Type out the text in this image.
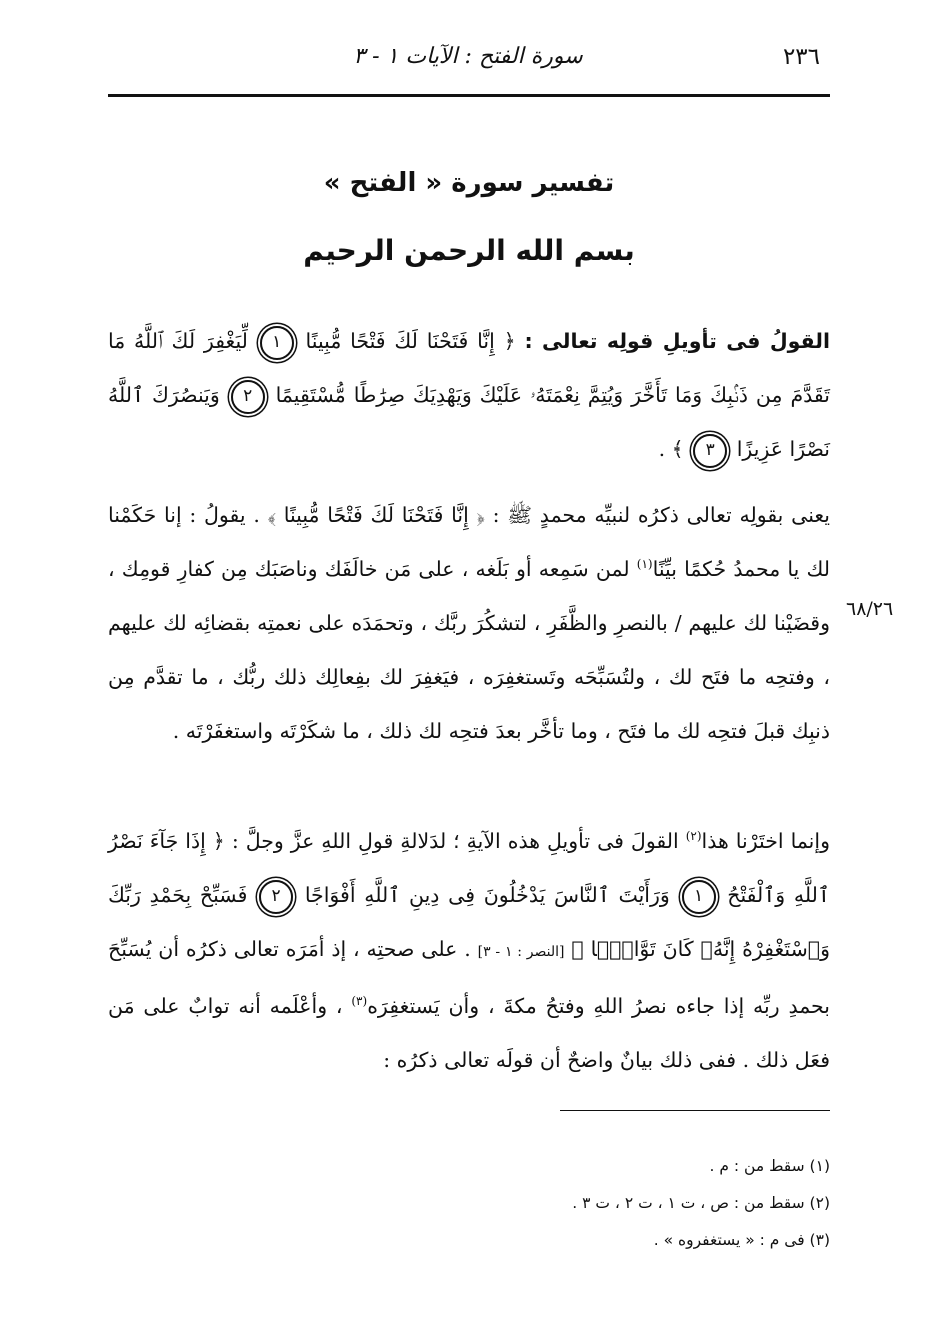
٢٣٦
سورة الفتح : الآيات ١ - ٣
تفسير سورة « الفتح »
بسم الله الرحمن الرحيم
القولُ فى تأويلِ قولِه تعالى : ﴿ إِنَّا فَتَحْنَا لَكَ فَتْحًا مُّبِينًا ١ لِّيَغْفِرَ لَكَ ٱللَّهُ مَا تَقَدَّمَ مِن ذَنۢبِكَ وَمَا تَأَخَّرَ وَيُتِمَّ نِعْمَتَهُۥ عَلَيْكَ وَيَهْدِيَكَ صِرَٰطًا مُّسْتَقِيمًا ٢ وَيَنصُرَكَ ٱللَّهُ نَصْرًا عَزِيزًا ٣ ﴾ .
يعنى بقولِه تعالى ذكرُه لنبيِّه محمدٍ ﷺ : ﴿ إِنَّا فَتَحْنَا لَكَ فَتْحًا مُّبِينًا ﴾ . يقولُ : إنا حَكَمْنا لك يا محمدُ حُكمًا بيِّنًا$^{(١)}$ لمن سَمِعه أو بَلَغه ، على مَن خالَفَك وناصَبَك مِن كفارِ قومِك ، وقضَيْنا لك عليهم / بالنصرِ والظَّفَرِ ، لتشكُرَ ربَّك ، وتحمَدَه على نعمتِه بقضائِه لك عليهم ، وفتحِه ما فتَح لك ، ولتُسَبِّحَه وتَستغفِرَه ، فيَغفِرَ لك بفِعالِك ذلك ربُّك ، ما تقدَّم مِن ذنبِك قبلَ فتحِه لك ما فتَح ، وما تأخَّر بعدَ فتحِه لك ذلك ، ما شكَرْتَه واستغفَرْتَه .
٦٨/٢٦
وإنما اختَرْنا هذا$^{(٢)}$ القولَ فى تأويلِ هذه الآيةِ ؛ لدَلالةِ قولِ اللهِ عزَّ وجلَّ : ﴿ إِذَا جَآءَ نَصْرُ ٱللَّهِ وَٱلْفَتْحُ ١ وَرَأَيْتَ ٱلنَّاسَ يَدْخُلُونَ فِى دِينِ ٱللَّهِ أَفْوَاجًا ٢ فَسَبِّحْ بِحَمْدِ رَبِّكَ وَٱسْتَغْفِرْهُ إِنَّهُۥ كَانَ تَوَّابًۢا ﴾ [النصر : ١ - ٣] . على صحتِه ، إذ أمَرَه تعالى ذكرُه أن يُسَبِّحَ بحمدِ ربِّه إذا جاءه نصرُ اللهِ وفتحُ مكةَ ، وأن يَستغفِرَه$^{(٣)}$ ، وأعْلَمه أنه توابٌ على مَن فعَل ذلك . ففى ذلك بيانٌ واضحٌ أن قولَه تعالى ذكرُه :
(١) سقط من : م .
(٢) سقط من : ص ، ت ١ ، ت ٢ ، ت ٣ .
(٣) فى م : « يستغفروه » .
